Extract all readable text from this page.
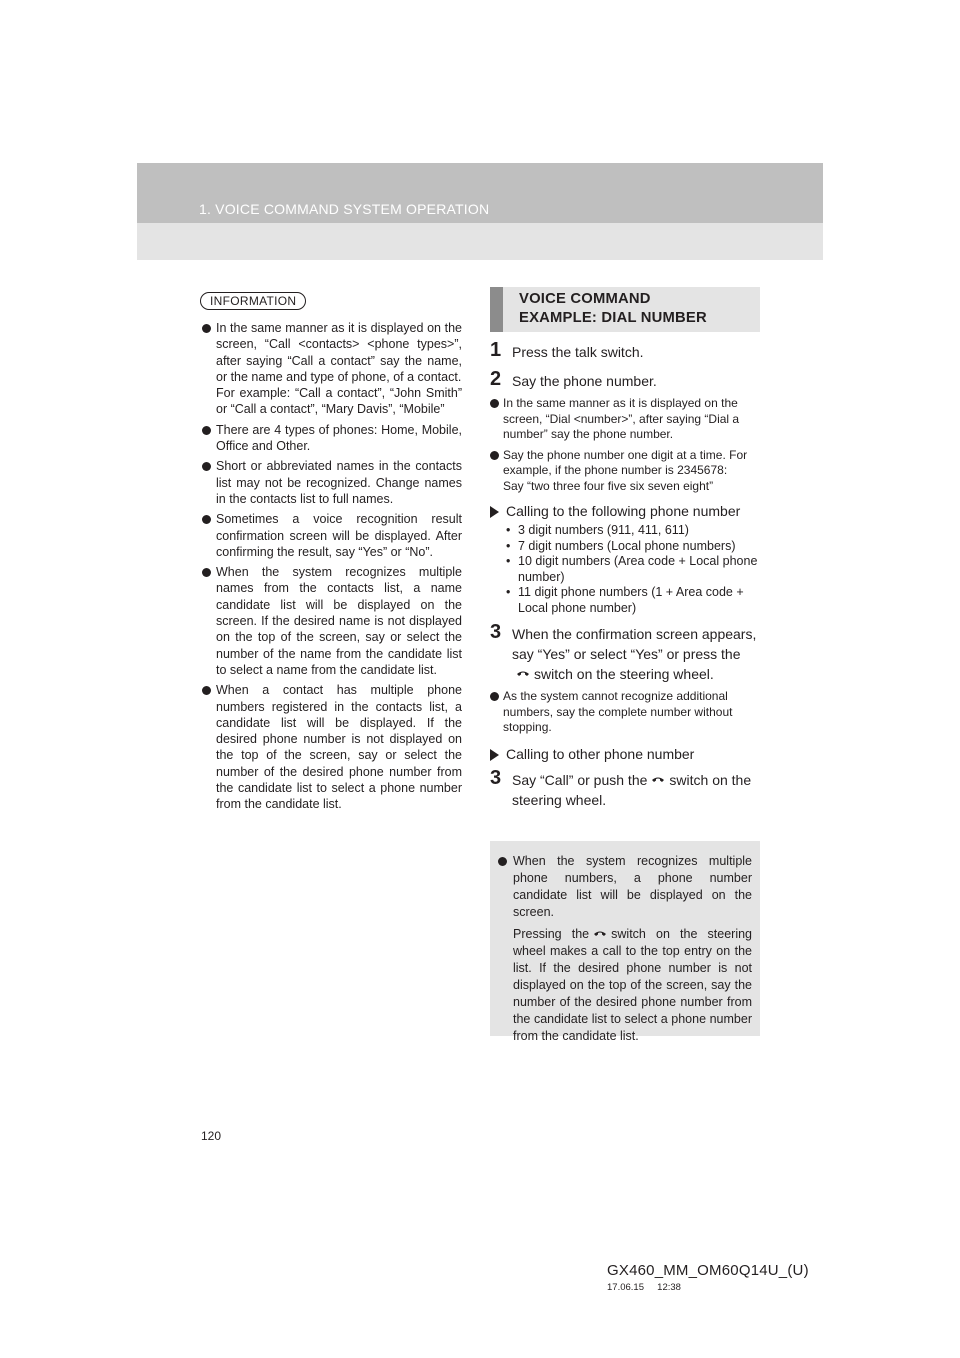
1. VOICE COMMAND SYSTEM OPERATION
INFORMATION
In the same manner as it is displayed on the screen, “Call <contacts> <phone types>”, after saying “Call a contact” say the name, or the name and type of phone, of a contact.
For example: “Call a contact”, “John Smith” or “Call a contact”, “Mary Davis”, “Mobile”
There are 4 types of phones: Home, Mobile, Office and Other.
Short or abbreviated names in the contacts list may not be recognized. Change names in the contacts list to full names.
Sometimes a voice recognition result confirmation screen will be displayed. After confirming the result, say “Yes” or “No”.
When the system recognizes multiple names from the contacts list, a name candidate list will be displayed on the screen. If the desired name is not displayed on the top of the screen, say or select the number of the name from the candidate list to select a name from the candidate list.
When a contact has multiple phone numbers registered in the contacts list, a candidate list will be displayed. If the desired phone number is not displayed on the top of the screen, say or select the number of the desired phone number from the candidate list to select a phone number from the candidate list.
VOICE COMMAND
EXAMPLE: DIAL NUMBER
1 Press the talk switch.
2 Say the phone number.
In the same manner as it is displayed on the screen, “Dial <number>”, after saying “Dial a number” say the phone number.
Say the phone number one digit at a time. For example, if the phone number is 2345678:
Say “two three four five six seven eight”
Calling to the following phone number
• 3 digit numbers (911, 411, 611)
• 7 digit numbers (Local phone numbers)
• 10 digit numbers (Area code + Local phone number)
• 11 digit phone numbers (1 + Area code + Local phone number)
3 When the confirmation screen appears, say “Yes” or select “Yes” or press theswitch on the steering wheel.
As the system cannot recognize additional numbers, say the complete number without stopping.
Calling to other phone number
3 Say “Call” or push the switch on the steering wheel.
When the system recognizes multiple phone numbers, a phone number candidate list will be displayed on the screen.
Pressing the switch on the steering wheel makes a call to the top entry on the list. If the desired phone number is not displayed on the top of the screen, say the number of the desired phone number from the candidate list to select a phone number from the candidate list.
120
GX460_MM_OM60Q14U_(U)
17.06.15     12:38
